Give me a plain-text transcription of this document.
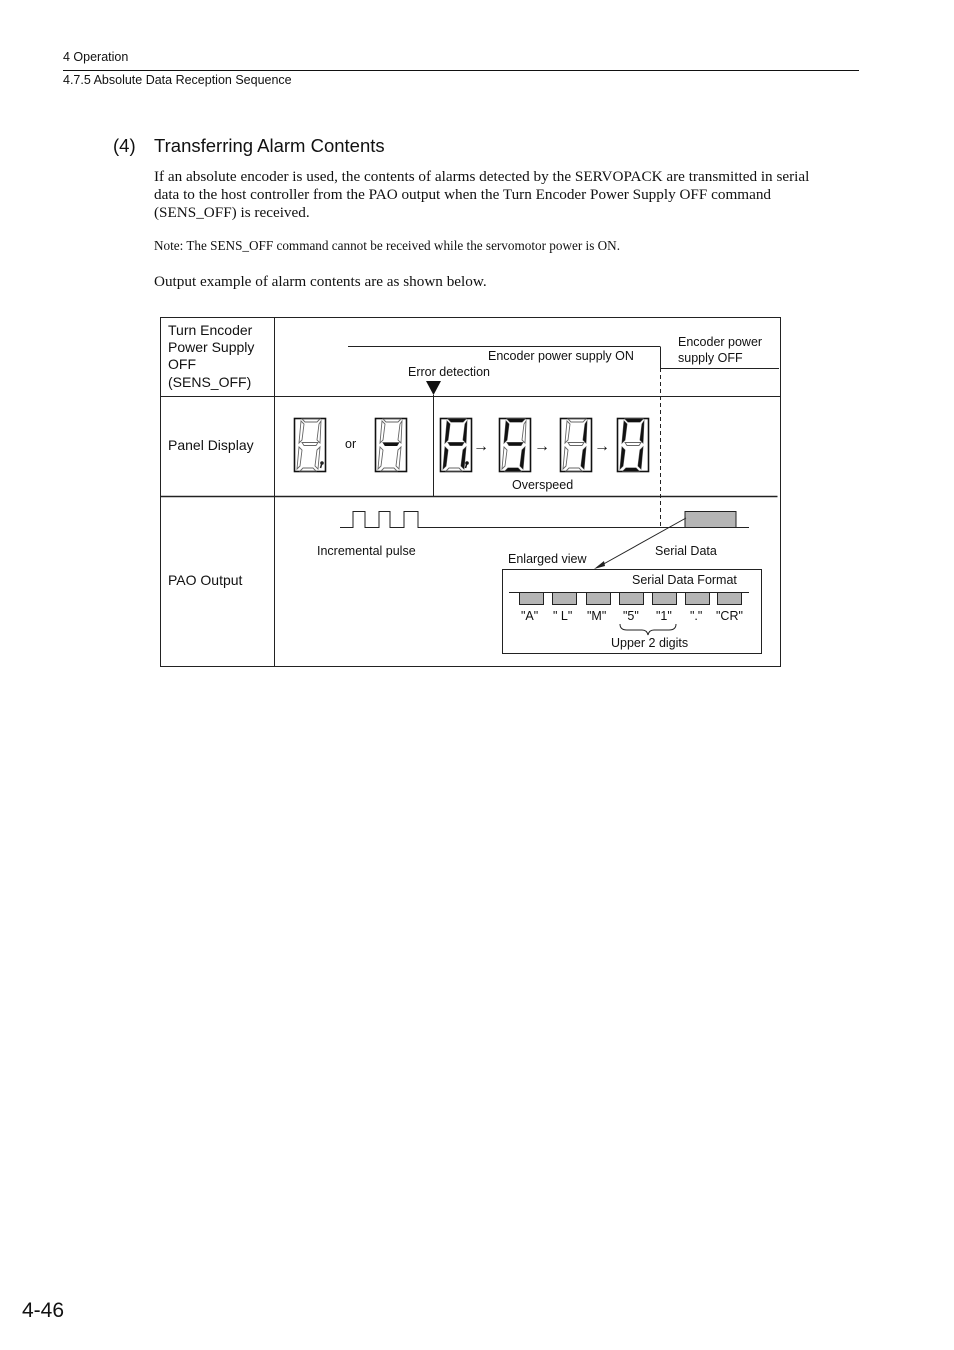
4 Operation
4.7.5 Absolute Data Reception Sequence
(4) Transferring Alarm Contents
If an absolute encoder is used, the contents of alarms detected by the SERVOPACK are transmitted in serial
data to the host controller from the PAO output when the Turn Encoder Power Supply OFF command
(SENS_OFF) is received.
Note: The SENS_OFF command cannot be received while the servomotor power is ON.
Output example of alarm contents are as shown below.
Turn Encoder
Power Supply
OFF
(SENS_OFF)
Panel Display
PAO Output
Encoder power supply ON
Encoder power
supply OFF
Error detection
or	→	→	→
Overspeed
Incremental pulse	Serial Data
Enlarged view
Serial Data Format
"A" " L" "M" "5" "1" "." "CR"
Upper 2 digits
4-46
